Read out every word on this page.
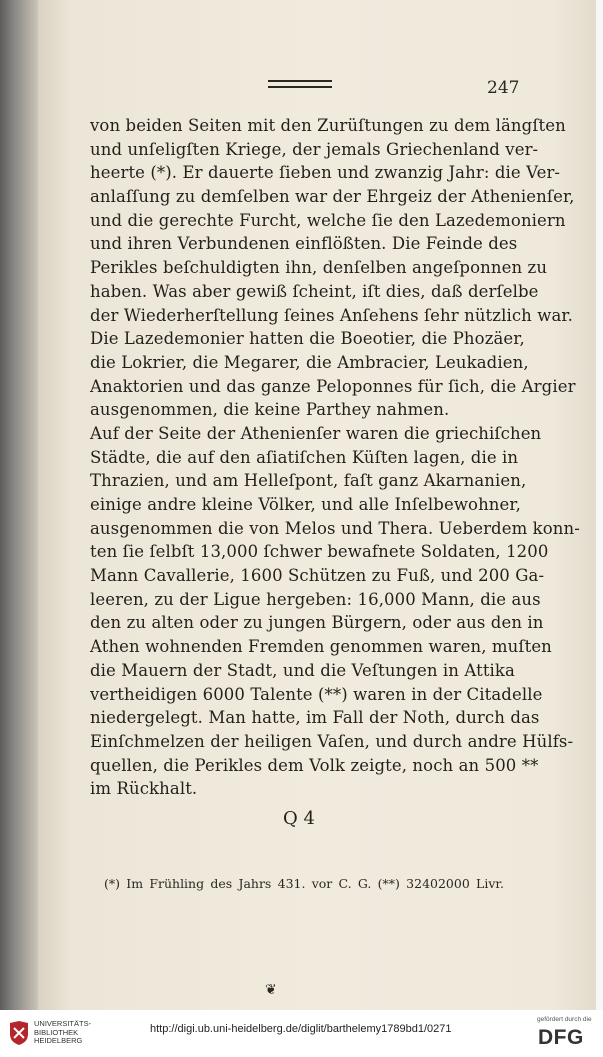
247
von beiden Seiten mit den Zurüſtungen zu dem längſten
und unſeligſten Kriege, der jemals Griechenland ver-
heerte (*). Er dauerte ſieben und zwanzig Jahr: die Ver-
anlaſſung zu demſelben war der Ehrgeiz der Athenienſer,
und die gerechte Furcht, welche ſie den Lazedemoniern
und ihren Verbundenen einflößten. Die Feinde des
Perikles beſchuldigten ihn, denſelben angeſponnen zu
haben. Was aber gewiß ſcheint, iſt dies, daß derſelbe
der Wiederherſtellung ſeines Anſehens ſehr nützlich war.
Die Lazedemonier hatten die Boeotier, die Phozäer,
die Lokrier, die Megarer, die Ambracier, Leukadien,
Anaktorien und das ganze Peloponnes für ſich, die Argier
ausgenommen, die keine Parthey nahmen.
Auf der Seite der Athenienſer waren die griechiſchen
Städte, die auf den aſiatiſchen Küſten lagen, die in
Thrazien, und am Helleſpont, faſt ganz Akarnanien,
einige andre kleine Völker, und alle Inſelbewohner,
ausgenommen die von Melos und Thera. Ueberdem konn-
ten ſie ſelbſt 13,000 ſchwer bewafnete Soldaten, 1200
Mann Cavallerie, 1600 Schützen zu Fuß, und 200 Ga-
leeren, zu der Ligue hergeben: 16,000 Mann, die aus
den zu alten oder zu jungen Bürgern, oder aus den in
Athen wohnenden Fremden genommen waren, muſten
die Mauern der Stadt, und die Veſtungen in Attika
vertheidigen 6000 Talente (**) waren in der Citadelle
niedergelegt. Man hatte, im Fall der Noth, durch das
Einſchmelzen der heiligen Vaſen, und durch andre Hülfs-
quellen, die Perikles dem Volk zeigte, noch an 500 **
im Rückhalt.
Q 4
(*) Im Frühling des Jahrs 431. vor C. G. (**) 32402000 Livr.
❦
UNIVERSITÄTS-
BIBLIOTHEK
HEIDELBERG
http://digi.ub.uni-heidelberg.de/diglit/barthelemy1789bd1/0271
gefördert durch die
DFG
